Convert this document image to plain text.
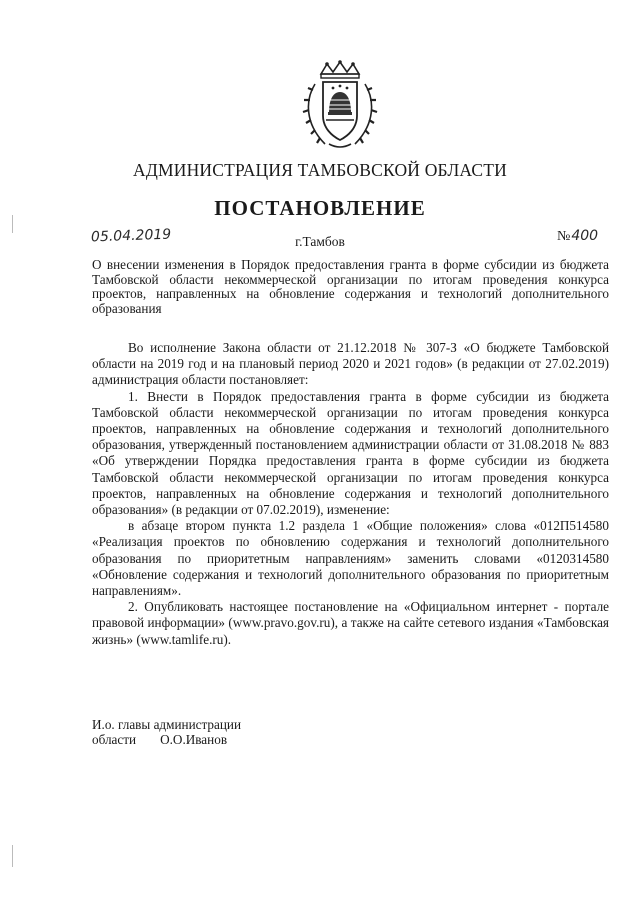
АДМИНИСТРАЦИЯ ТАМБОВСКОЙ ОБЛАСТИ
ПОСТАНОВЛЕНИЕ
05.04.2019	г.Тамбов	№400
О внесении изменения в Порядок предоставления гранта в форме субсидии из бюджета Тамбовской области некоммерческой организации по итогам проведения конкурса проектов, направленных на обновление содержания и технологий дополнительного образования

Во исполнение Закона области от 21.12.2018 № 307-З «О бюджете Тамбовской области на 2019 год и на плановый период 2020 и 2021 годов» (в редакции от 27.02.2019) администрация области постановляет:

1. Внести в Порядок предоставления гранта в форме субсидии из бюджета Тамбовской области некоммерческой организации по итогам проведения конкурса проектов, направленных на обновление содержания и технологий дополнительного образования, утвержденный постановлением администрации области от 31.08.2018 № 883 «Об утверждении Порядка предоставления гранта в форме субсидии из бюджета Тамбовской области некоммерческой организации по итогам проведения конкурса проектов, направленных на обновление содержания и технологий дополнительного образования» (в редакции от 07.02.2019), изменение:

в абзаце втором пункта 1.2 раздела 1 «Общие положения» слова «012П514580 «Реализация проектов по обновлению содержания и технологий дополнительного образования по приоритетным направлениям» заменить словами «0120314580 «Обновление содержания и технологий дополнительного образования по приоритетным направлениям».

2. Опубликовать настоящее постановление на «Официальном интернет - портале правовой информации» (www.pravo.gov.ru), а также на сайте сетевого издания «Тамбовская жизнь» (www.tamlife.ru).

И.о. главы администрации
области О.О.Иванов
